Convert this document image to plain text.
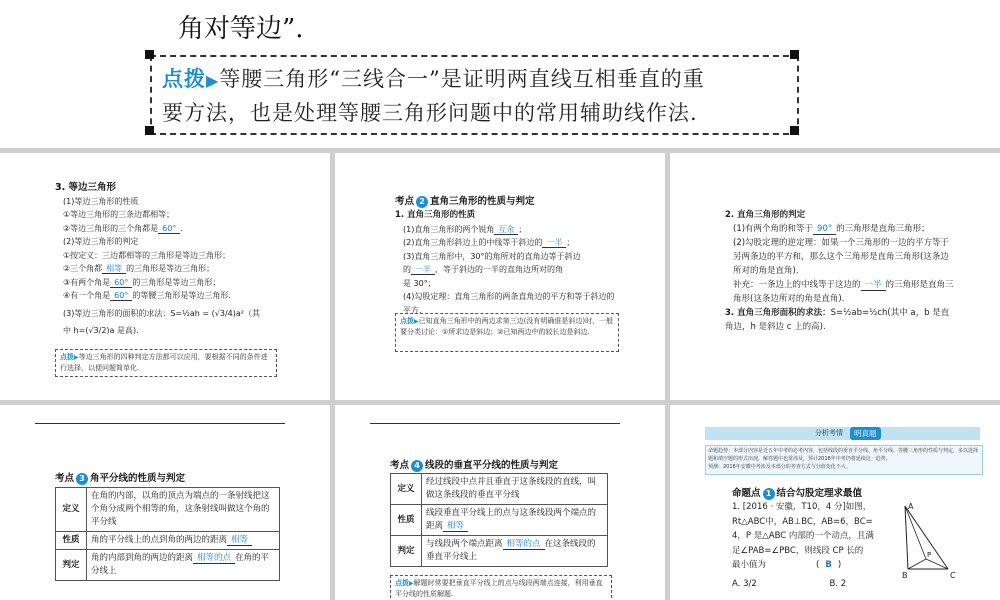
角对等边”.
点拨▶等腰三角形“三线合一”是证明两直线互相垂直的重
要方法，也是处理等腰三角形问题中的常用辅助线作法.
3. 等边三角形
(1)等边三角形的性质
①等边三角形的三条边都相等；
②等边三角形的三个角都是 60° .
(2)等边三角形的判定
①按定义：三边都相等的三角形是等边三角形；
②三个角都 相等 的三角形是等边三角形；
③有两个角是 60° 的三角形是等边三角形；
④有一个角是 60° 的等腰三角形是等边三角形.
(3)等边三角形的面积的求法：S=½ah = (√3/4)a²（其
中 h=(√3/2)a 是高).
点拨▶等边三角形的四种判定方法都可以应用，要根据不同的条件进行选择，以便问题简单化.
考点 2 直角三角形的性质与判定
1. 直角三角形的性质
(1)直角三角形的两个锐角 互余 ；
(2)直角三角形斜边上的中线等于斜边的 一半 ；
(3)直角三角形中，30°的角所对的直角边等于斜边
的 一半 ，等于斜边的一半的直角边所对的角
是 30°；
(4)勾股定理：直角三角形的两条直角边的平方和等于斜边的平方.
点拨▶已知直角三角形中的两边求第三边(没有明确谁是斜边)时，一般要分类讨论：①所求边是斜边；②已知两边中的较长边是斜边.
2. 直角三角形的判定
(1)有两个角的和等于 90° 的三角形是直角三角形；
(2)勾股定理的逆定理：如果一个三角形的一边的平方等于另两条边的平方和，那么这个三角形是直角三角形(这条边所对的角是直角).
补充：一条边上的中线等于这边的 一半 的三角形是直角三角形(这条边所对的角是直角).
3. 直角三角形面积的求法：S=½ab=½ch(其中 a，b 是直角边，h 是斜边 c 上的高).
考点 3 角平分线的性质与判定
定义	在角的内部，以角的顶点为端点的一条射线把这个角分成两个相等的角，这条射线叫做这个角的平分线
性质	角的平分线上的点到角的两边的距离 相等
判定	角的内部到角的两边的距离 相等的点 在角的平分线上
考点 4 线段的垂直平分线的性质与判定
定义	经过线段中点并且垂直于这条线段的直线，叫做这条线段的垂直平分线
性质	线段垂直平分线上的点与这条线段两个端点的距离 相等
判定	与线段两个端点距离 相等的点 在这条线段的垂直平分线上
点拨▶解题时常要把垂直平分线上的点与线段两端点连接，利用垂直平分线的性质解题.
分析考情	明真题
命题趋势：本部分内容是近五年中考的必考内容，包括线段的垂直平分线、角平分线、等腰三角形的性质与判定，多以选择题和填空题的形式出现，解答题中也常涉及，预计2018年中考仍将延续这一趋势。
预测：2018年安徽中考涉及本部分的考查方式与分值变化不大。
命题点 1 结合勾股定理求最值
1. [2016 · 安徽，T10，4 分]如图，
Rt△ABC中，AB⊥BC，AB=6，BC=
4，P 是△ABC 内部的一个动点，且满
足∠PAB=∠PBC，则线段 CP 长的
最小值为	( B )
A. 3/2	B. 2
A
P
B	C
